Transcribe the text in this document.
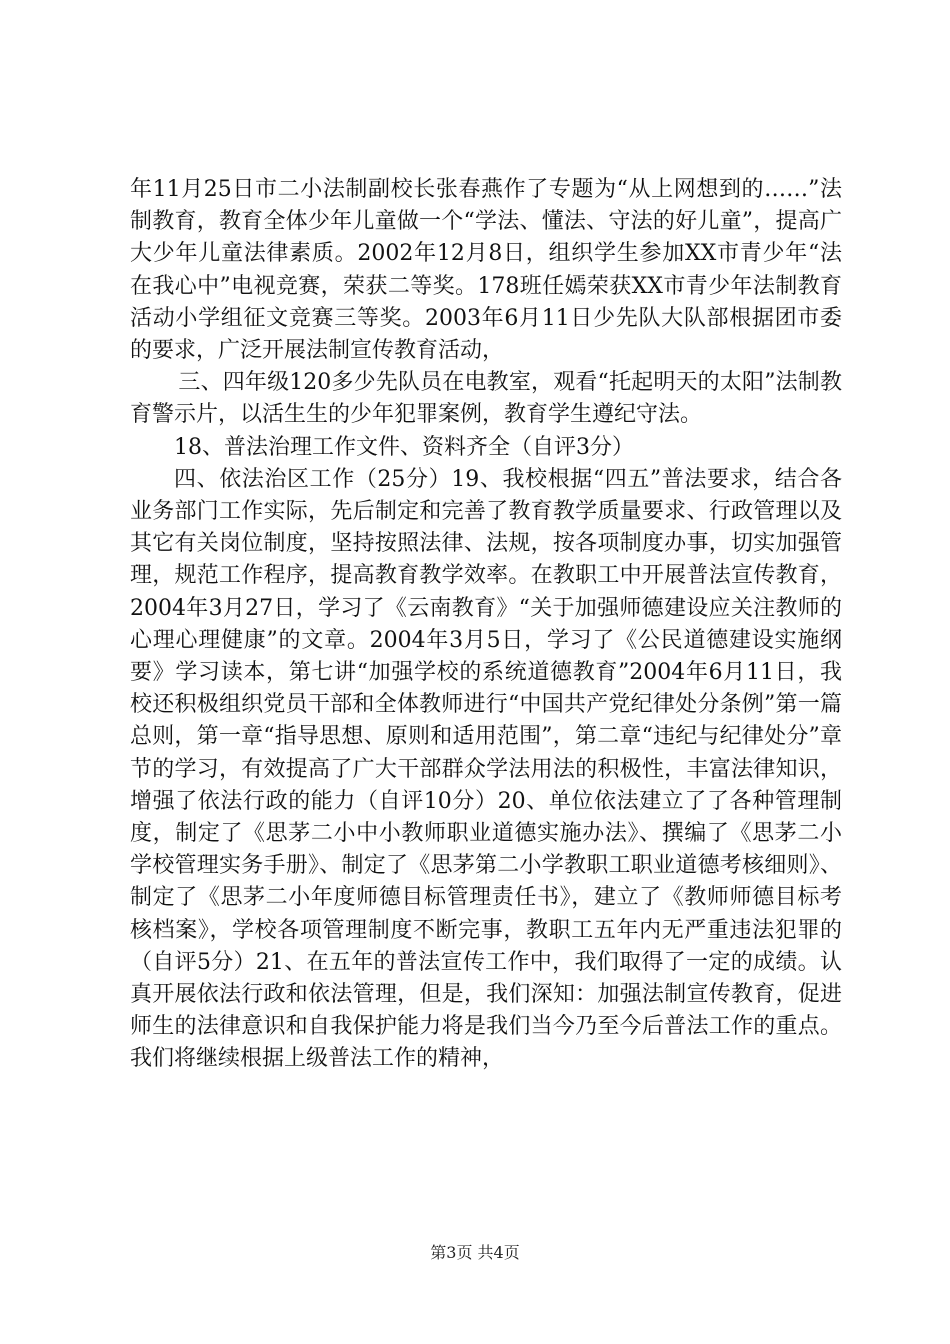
年11月25日市二小法制副校长张春燕作了专题为“从上网想到的……”法制教育，教育全体少年儿童做一个“学法、懂法、守法的好儿童”，提高广大少年儿童法律素质。2002年12月8日，组织学生参加XX市青少年“法在我心中”电视竞赛，荣获二等奖。178班任嫣荣获XX市青少年法制教育活动小学组征文竞赛三等奖。2003年6月11日少先队大队部根据团市委的要求，广泛开展法制宣传教育活动，

三、四年级120多少先队员在电教室，观看“托起明天的太阳”法制教育警示片，以活生生的少年犯罪案例，教育学生遵纪守法。

18、普法治理工作文件、资料齐全（自评3分）

四、依法治区工作（25分）19、我校根据“四五”普法要求，结合各业务部门工作实际，先后制定和完善了教育教学质量要求、行政管理以及其它有关岗位制度，坚持按照法律、法规，按各项制度办事，切实加强管理，规范工作程序，提高教育教学效率。在教职工中开展普法宣传教育，2004年3月27日，学习了《云南教育》“关于加强师德建设应关注教师的心理心理健康”的文章。2004年3月5日，学习了《公民道德建设实施纲要》学习读本，第七讲“加强学校的系统道德教育”2004年6月11日，我校还积极组织党员干部和全体教师进行“中国共产党纪律处分条例”第一篇总则，第一章“指导思想、原则和适用范围”，第二章“违纪与纪律处分”章节的学习，有效提高了广大干部群众学法用法的积极性，丰富法律知识，增强了依法行政的能力（自评10分）20、单位依法建立了了各种管理制度，制定了《思茅二小中小教师职业道德实施办法》、撰编了《思茅二小学校管理实务手册》、制定了《思茅第二小学教职工职业道德考核细则》、制定了《思茅二小年度师德目标管理责任书》，建立了《教师师德目标考核档案》，学校各项管理制度不断完事，教职工五年内无严重违法犯罪的（自评5分）21、在五年的普法宣传工作中，我们取得了一定的成绩。认真开展依法行政和依法管理，但是，我们深知：加强法制宣传教育，促进师生的法律意识和自我保护能力将是我们当今乃至今后普法工作的重点。我们将继续根据上级普法工作的精神，

第3页 共4页
